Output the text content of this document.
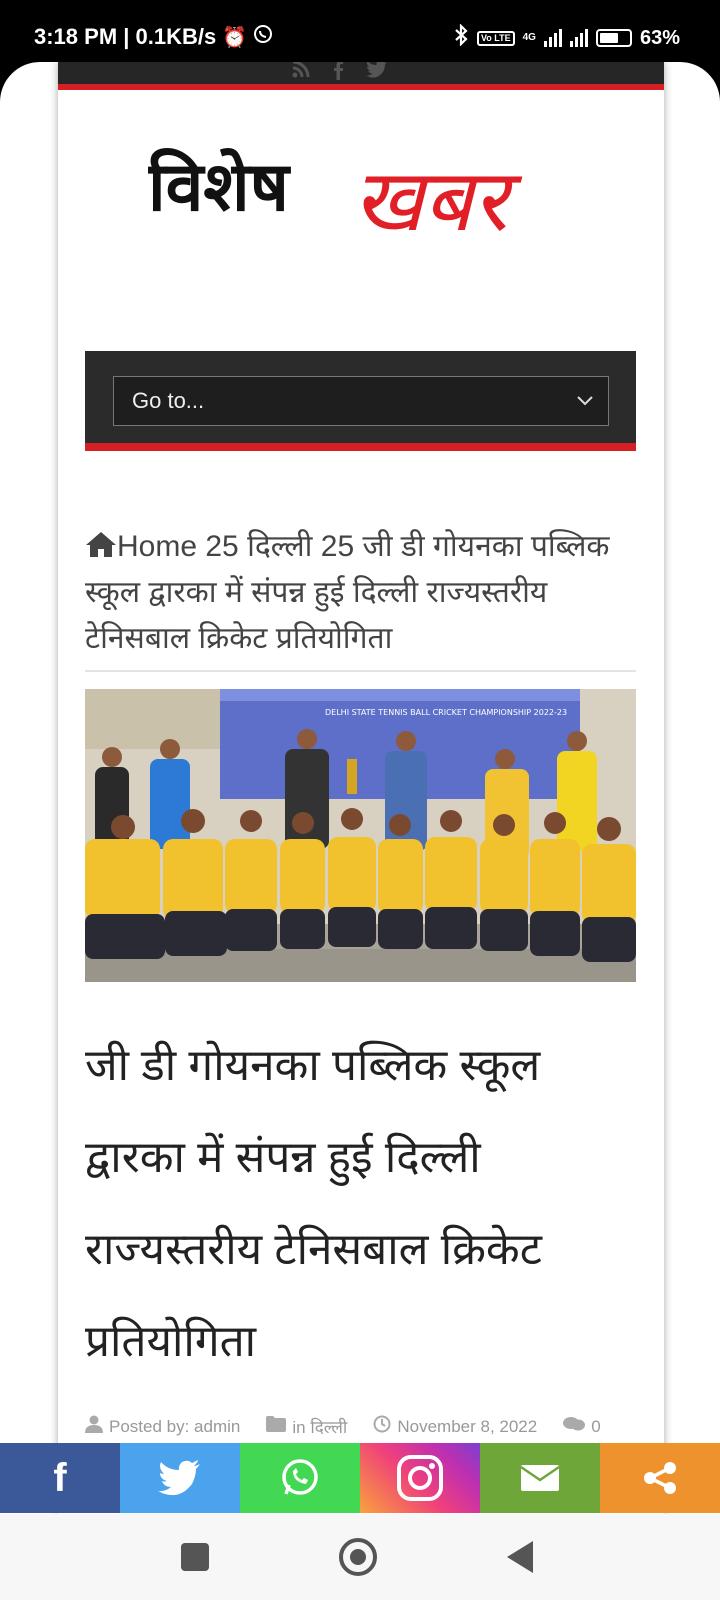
3:18 PM | 0.1KB/s ⏰	Vo LTE	4G	63%
विशेष खबर
Go to...
Home 25 दिल्ली 25 जी डी गोयनका पब्लिक स्कूल द्वारका में संपन्न हुई दिल्ली राज्यस्तरीय टेनिसबाल क्रिकेट प्रतियोगिता
DELHI STATE TENNIS BALL CRICKET CHAMPIONSHIP 2022-23
जी डी गोयनका पब्लिक स्कूल द्वारका में संपन्न हुई दिल्ली राज्यस्तरीय टेनिसबाल क्रिकेट प्रतियोगिता
Posted by: admin	in दिल्ली	November 8, 2022	0
f
